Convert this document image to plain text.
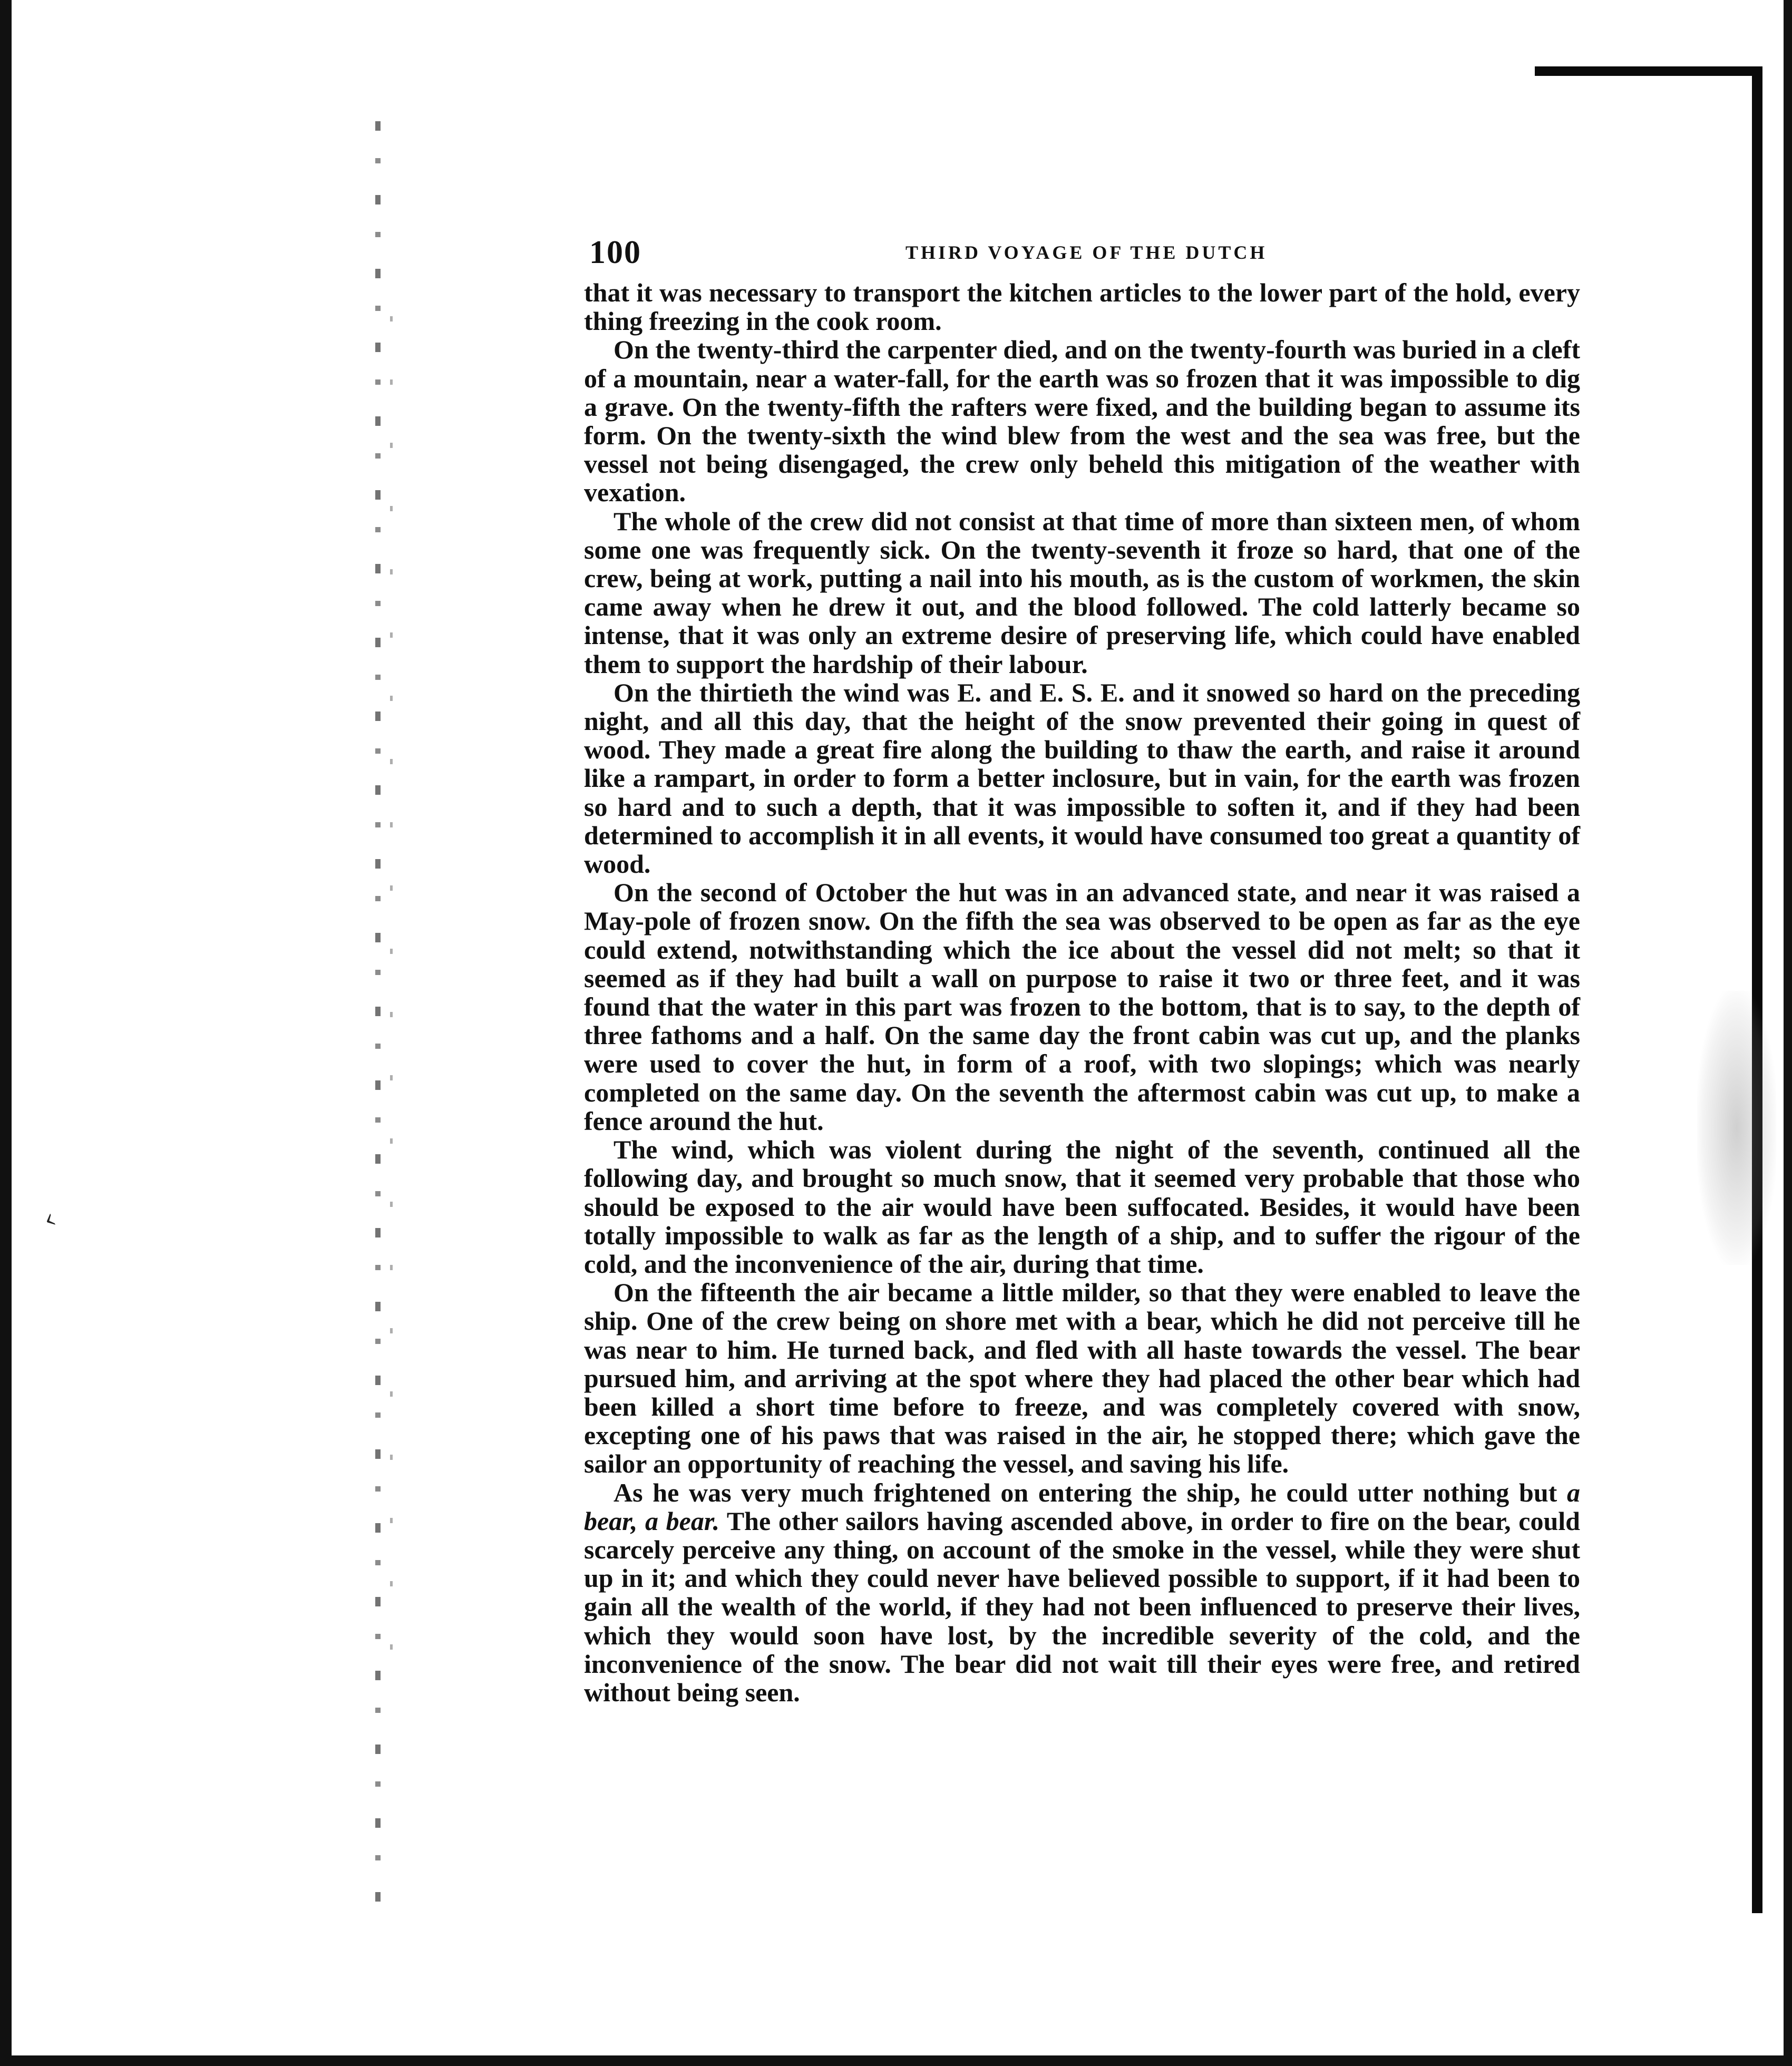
‹
100	THIRD VOYAGE OF THE DUTCH

that it was necessary to transport the kitchen articles to the lower part of the hold, every thing freezing in the cook room.

On the twenty-third the carpenter died, and on the twenty-fourth was buried in a cleft of a mountain, near a water-fall, for the earth was so frozen that it was impossible to dig a grave. On the twenty-fifth the rafters were fixed, and the building began to assume its form. On the twenty-sixth the wind blew from the west and the sea was free, but the vessel not being disengaged, the crew only beheld this mitigation of the weather with vexation.

The whole of the crew did not consist at that time of more than sixteen men, of whom some one was frequently sick. On the twenty-seventh it froze so hard, that one of the crew, being at work, putting a nail into his mouth, as is the custom of workmen, the skin came away when he drew it out, and the blood followed. The cold latterly became so intense, that it was only an extreme desire of preserving life, which could have enabled them to support the hardship of their labour.

On the thirtieth the wind was E. and E. S. E. and it snowed so hard on the preceding night, and all this day, that the height of the snow prevented their going in quest of wood. They made a great fire along the building to thaw the earth, and raise it around like a rampart, in order to form a better inclosure, but in vain, for the earth was frozen so hard and to such a depth, that it was impossible to soften it, and if they had been determined to accomplish it in all events, it would have consumed too great a quantity of wood.

On the second of October the hut was in an advanced state, and near it was raised a May-pole of frozen snow. On the fifth the sea was observed to be open as far as the eye could extend, notwithstanding which the ice about the vessel did not melt; so that it seemed as if they had built a wall on purpose to raise it two or three feet, and it was found that the water in this part was frozen to the bottom, that is to say, to the depth of three fathoms and a half. On the same day the front cabin was cut up, and the planks were used to cover the hut, in form of a roof, with two slopings; which was nearly completed on the same day. On the seventh the aftermost cabin was cut up, to make a fence around the hut.

The wind, which was violent during the night of the seventh, continued all the following day, and brought so much snow, that it seemed very probable that those who should be exposed to the air would have been suffocated. Besides, it would have been totally impossible to walk as far as the length of a ship, and to suffer the rigour of the cold, and the inconvenience of the air, during that time.

On the fifteenth the air became a little milder, so that they were enabled to leave the ship. One of the crew being on shore met with a bear, which he did not perceive till he was near to him. He turned back, and fled with all haste towards the vessel. The bear pursued him, and arriving at the spot where they had placed the other bear which had been killed a short time before to freeze, and was completely covered with snow, excepting one of his paws that was raised in the air, he stopped there; which gave the sailor an opportunity of reaching the vessel, and saving his life.

As he was very much frightened on entering the ship, he could utter nothing but a bear, a bear. The other sailors having ascended above, in order to fire on the bear, could scarcely perceive any thing, on account of the smoke in the vessel, while they were shut up in it; and which they could never have believed possible to support, if it had been to gain all the wealth of the world, if they had not been influenced to preserve their lives, which they would soon have lost, by the incredible severity of the cold, and the inconvenience of the snow. The bear did not wait till their eyes were free, and retired without being seen.
